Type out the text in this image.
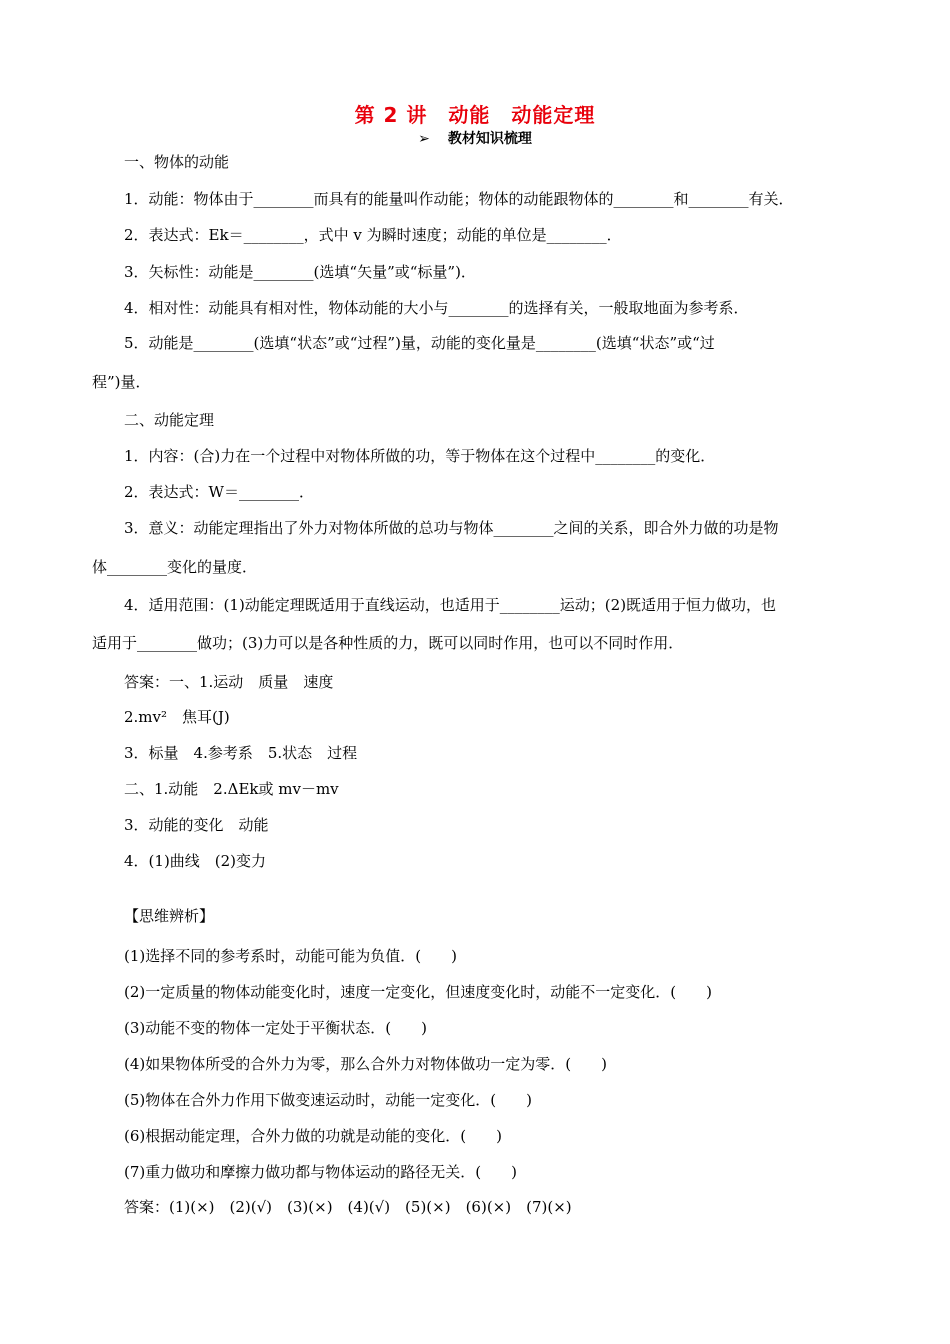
第 2 讲　动能　动能定理
➢ 教材知识梳理
一、物体的动能
1．动能：物体由于________而具有的能量叫作动能；物体的动能跟物体的________和________有关．
2．表达式：Ek＝________，式中 v 为瞬时速度；动能的单位是________．
3．矢标性：动能是________(选填“矢量”或“标量”)．
4．相对性：动能具有相对性，物体动能的大小与________的选择有关，一般取地面为参考系．
5．动能是________(选填“状态”或“过程”)量，动能的变化量是________(选填“状态”或“过
程”)量．
二、动能定理
1．内容：(合)力在一个过程中对物体所做的功，等于物体在这个过程中________的变化．
2．表达式：W＝________．
3．意义：动能定理指出了外力对物体所做的总功与物体________之间的关系，即合外力做的功是物
体________变化的量度．
4．适用范围：(1)动能定理既适用于直线运动，也适用于________运动；(2)既适用于恒力做功，也
适用于________做功；(3)力可以是各种性质的力，既可以同时作用，也可以不同时作用．
答案：一、1.运动　质量　速度
2.mv²　焦耳(J)
3．标量　4.参考系　5.状态　过程
二、1.动能　2.ΔEk或 mv－mv
3．动能的变化　动能
4．(1)曲线　(2)变力
【思维辨析】
(1)选择不同的参考系时，动能可能为负值．(　　)
(2)一定质量的物体动能变化时，速度一定变化，但速度变化时，动能不一定变化．(　　)
(3)动能不变的物体一定处于平衡状态．(　　)
(4)如果物体所受的合外力为零，那么合外力对物体做功一定为零．(　　)
(5)物体在合外力作用下做变速运动时，动能一定变化．(　　)
(6)根据动能定理，合外力做的功就是动能的变化．(　　)
(7)重力做功和摩擦力做功都与物体运动的路径无关．(　　)
答案：(1)(×)　(2)(√)　(3)(×)　(4)(√)　(5)(×)　(6)(×)　(7)(×)
